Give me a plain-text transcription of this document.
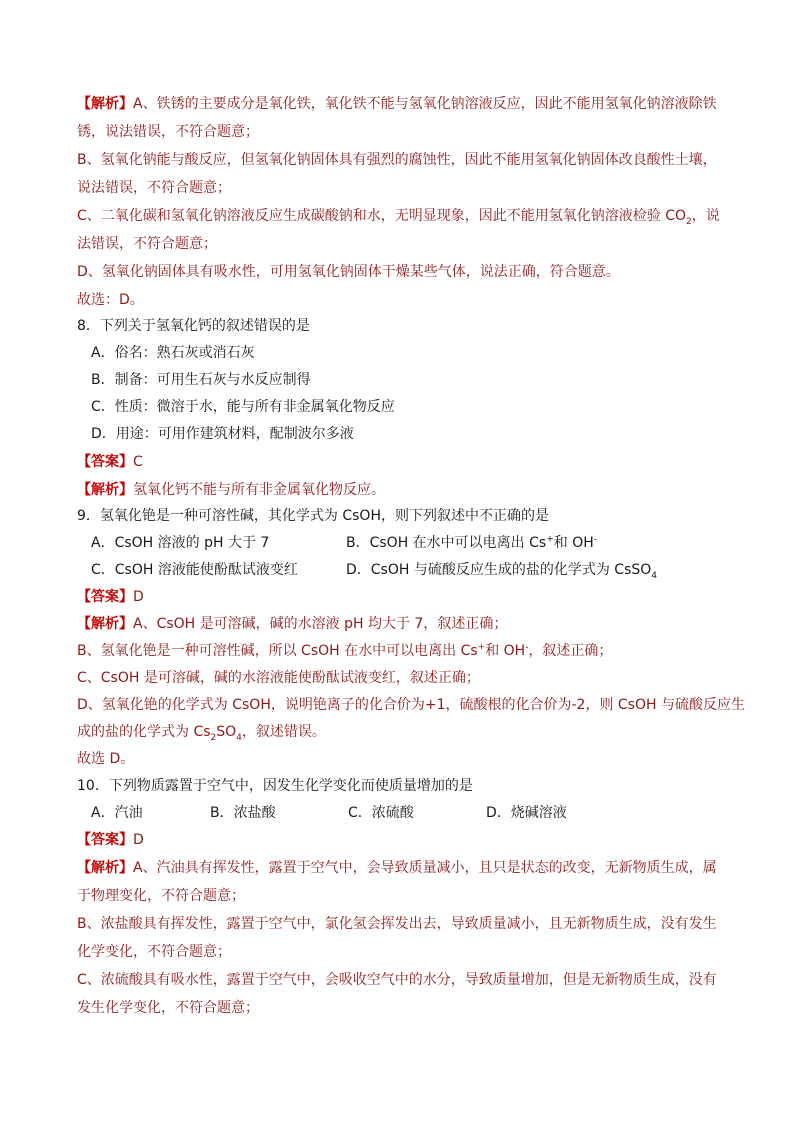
【解析】A、铁锈的主要成分是氧化铁，氧化铁不能与氢氧化钠溶液反应，因此不能用氢氧化钠溶液除铁
锈，说法错误，不符合题意；
B、氢氧化钠能与酸反应，但氢氧化钠固体具有强烈的腐蚀性，因此不能用氢氧化钠固体改良酸性土壤，
说法错误，不符合题意；
C、二氧化碳和氢氧化钠溶液反应生成碳酸钠和水，无明显现象，因此不能用氢氧化钠溶液检验 $CO_2$，说
法错误，不符合题意；
D、氢氧化钠固体具有吸水性，可用氢氧化钠固体干燥某些气体，说法正确，符合题意。
故选：D。
8．下列关于氢氧化钙的叙述错误的是
A．俗名：熟石灰或消石灰
B．制备：可用生石灰与水反应制得
C．性质：微溶于水，能与所有非金属氧化物反应
D．用途：可用作建筑材料，配制波尔多液
【答案】C
【解析】氢氧化钙不能与所有非金属氧化物反应。
9．氢氧化铯是一种可溶性碱，其化学式为 CsOH，则下列叙述中不正确的是
A．CsOH 溶液的 pH 大于 7	B．CsOH 在水中可以电离出 Cs+和 OH-
C．CsOH 溶液能使酚酞试液变红	D．CsOH 与硫酸反应生成的盐的化学式为 CsSO$_4$
【答案】D
【解析】A、CsOH 是可溶碱，碱的水溶液 pH 均大于 7，叙述正确；
B、氢氧化铯是一种可溶性碱，所以 CsOH 在水中可以电离出 Cs+和 OH-，叙述正确；
C、CsOH 是可溶碱，碱的水溶液能使酚酞试液变红，叙述正确；
D、氢氧化铯的化学式为 CsOH，说明铯离子的化合价为+1，硫酸根的化合价为-2，则 CsOH 与硫酸反应生
成的盐的化学式为 $Cs_2SO_4$，叙述错误。
故选 D。
10．下列物质露置于空气中，因发生化学变化而使质量增加的是
A．汽油	B．浓盐酸	C．浓硫酸	D．烧碱溶液
【答案】D
【解析】A、汽油具有挥发性，露置于空气中，会导致质量减小，且只是状态的改变，无新物质生成，属
于物理变化，不符合题意；
B、浓盐酸具有挥发性，露置于空气中，氯化氢会挥发出去，导致质量减小，且无新物质生成，没有发生
化学变化，不符合题意；
C、浓硫酸具有吸水性，露置于空气中，会吸收空气中的水分，导致质量增加，但是无新物质生成，没有
发生化学变化，不符合题意；
